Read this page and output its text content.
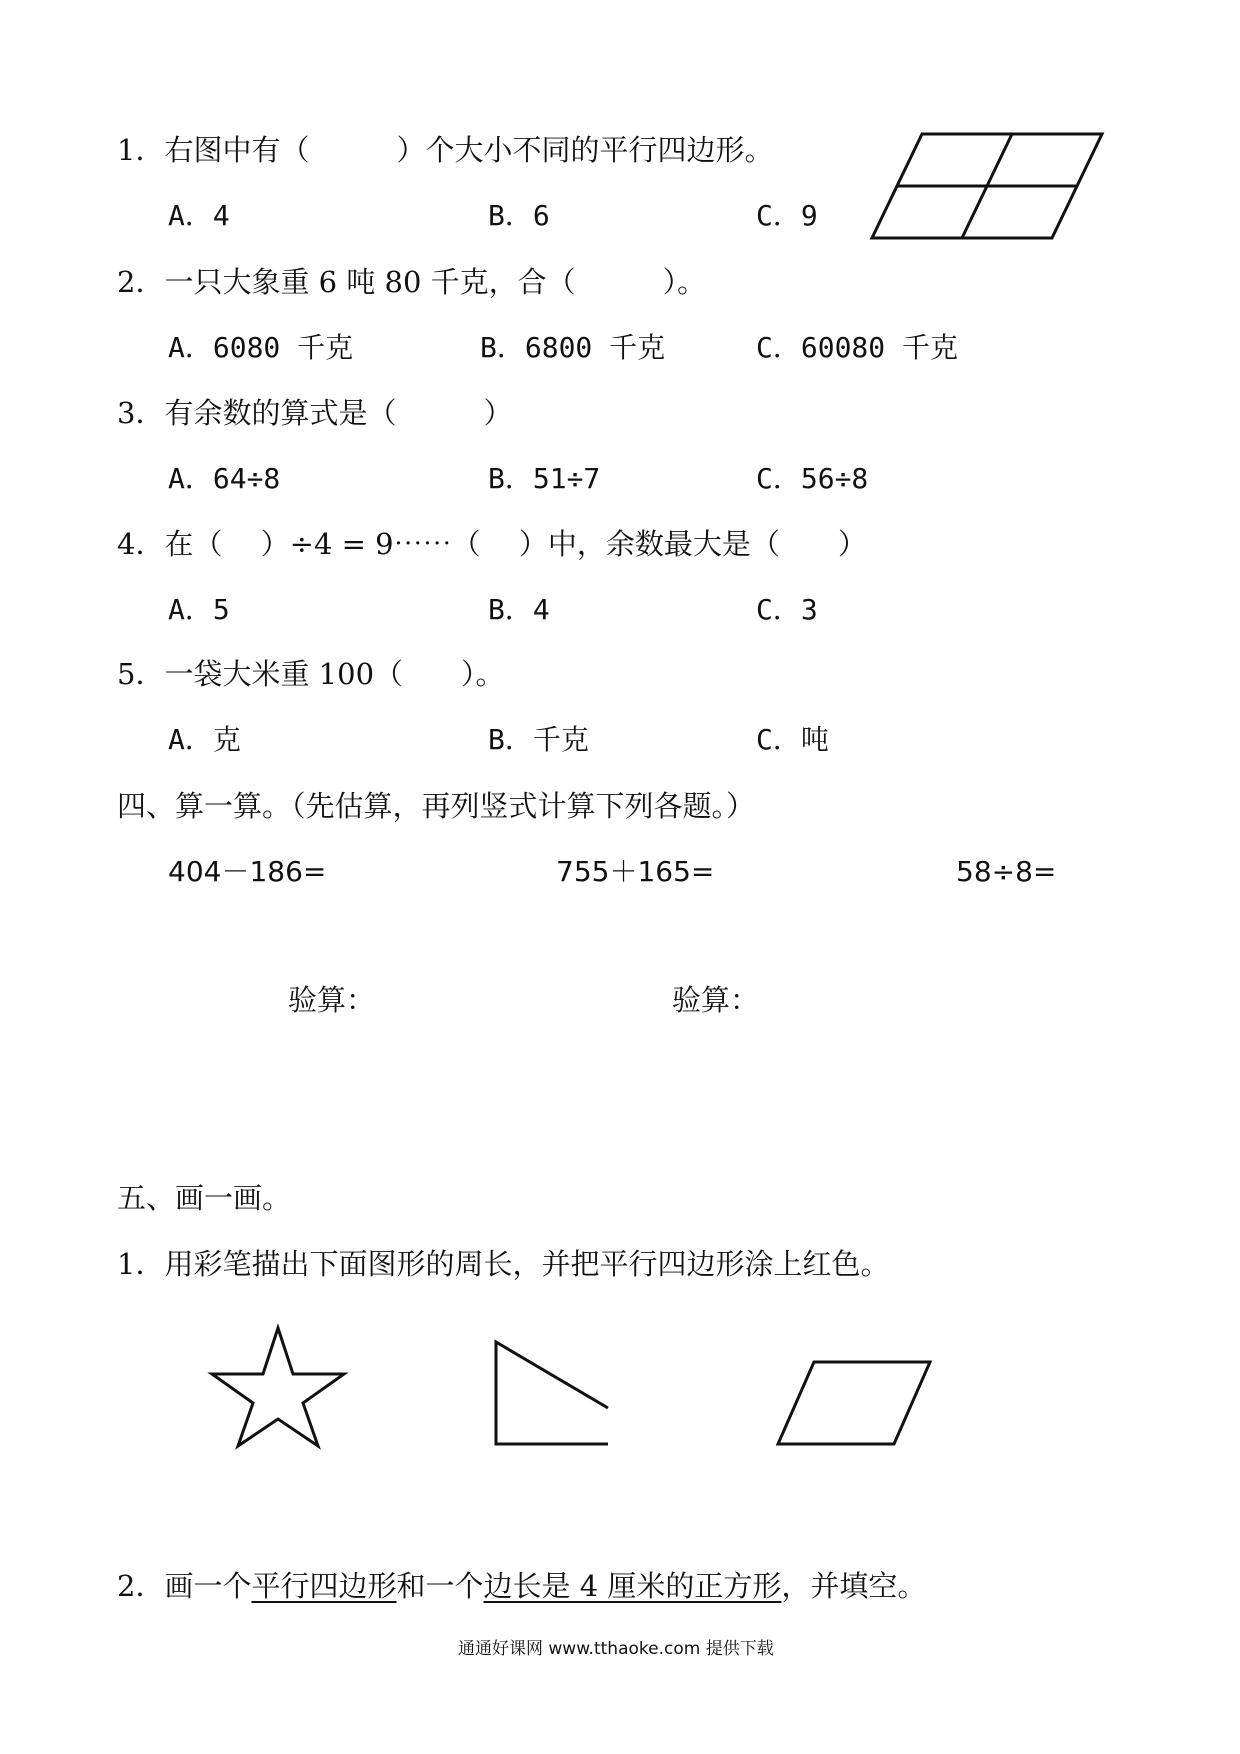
1．右图中有（　　　）个大小不同的平行四边形。
A．4	B．6	C．9
2．一只大象重 6 吨 80 千克，合（　　　）。
A．6080 千克	B．6800 千克	C．60080 千克
3．有余数的算式是（　　　）
A．64÷8	B．51÷7	C．56÷8
4．在（　 ）÷4 = 9⋯⋯（　 ）中，余数最大是（　　）
A．5	B．4	C．3
5．一袋大米重 100（　　）。
A．克	B．千克	C．吨
四、算一算。（先估算，再列竖式计算下列各题。）
404－186=	755＋165=	58÷8=
验算：	验算：
五、画一画。
1．用彩笔描出下面图形的周长，并把平行四边形涂上红色。
2．画一个平行四边形和一个边长是 4 厘米的正方形，并填空。
通通好课网 www.tthaoke.com 提供下载
